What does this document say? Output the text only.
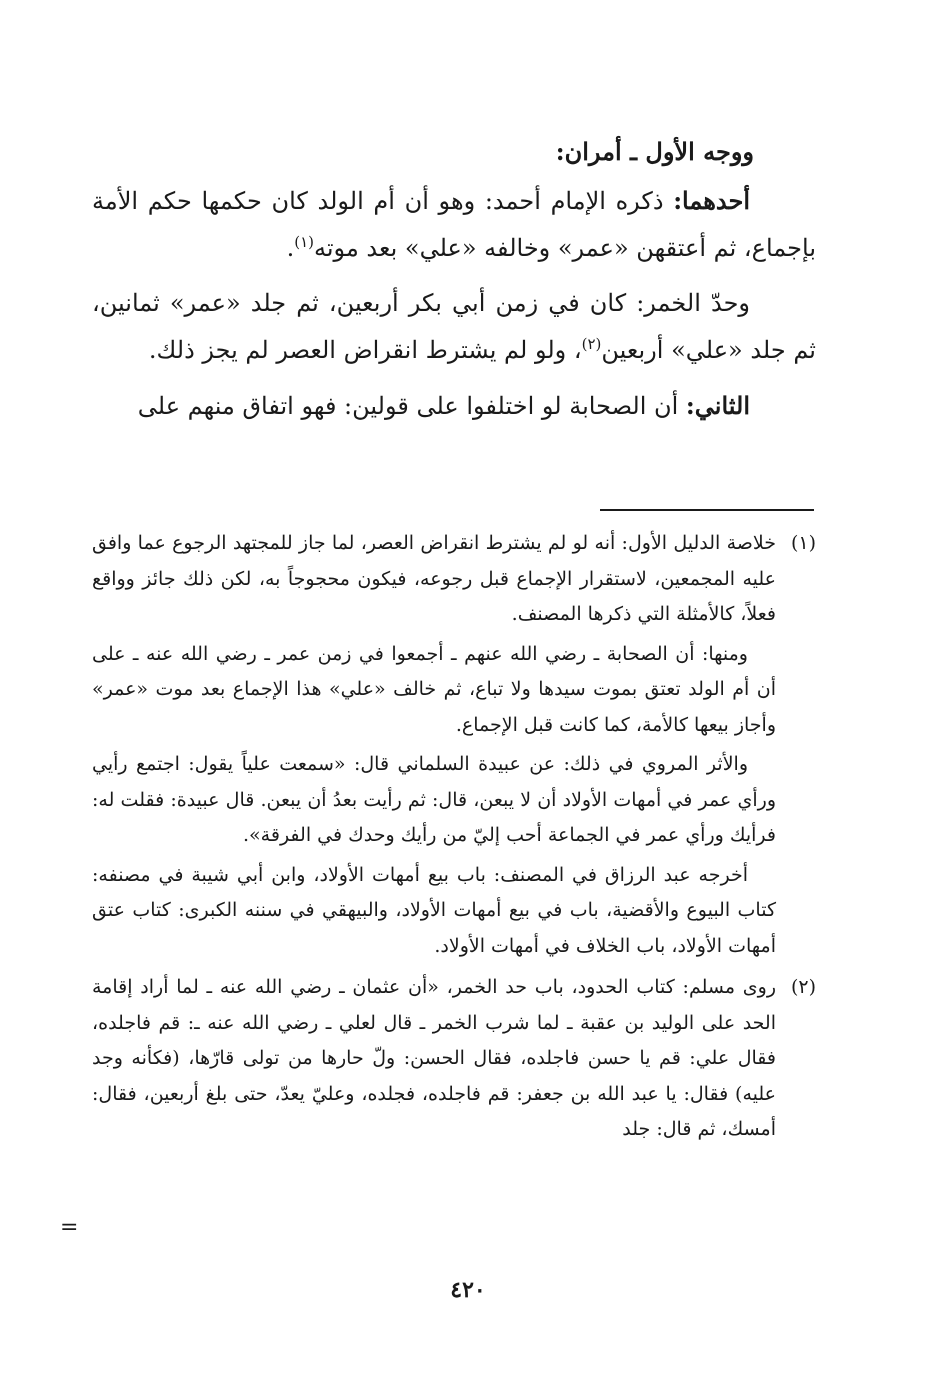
ووجه الأول ـ أمران:

أحدهما: ذكره الإمام أحمد: وهو أن أم الولد كان حكمها حكم الأمة بإجماع، ثم أعتقهن «عمر» وخالفه «علي» بعد موته$^{(١)}$.

وحدّ الخمر: كان في زمن أبي بكر أربعين، ثم جلد «عمر» ثمانين، ثم جلد «علي» أربعين$^{(٢)}$، ولو لم يشترط انقراض العصر لم يجز ذلك.

الثاني: أن الصحابة لو اختلفوا على قولين: فهو اتفاق منهم على

(١)

خلاصة الدليل الأول: أنه لو لم يشترط انقراض العصر، لما جاز للمجتهد الرجوع عما وافق عليه المجمعين، لاستقرار الإجماع قبل رجوعه، فيكون محجوجاً به، لكن ذلك جائز وواقع فعلاً، كالأمثلة التي ذكرها المصنف.

ومنها: أن الصحابة ـ رضي الله عنهم ـ أجمعوا في زمن عمر ـ رضي الله عنه ـ على أن أم الولد تعتق بموت سيدها ولا تباع، ثم خالف «علي» هذا الإجماع بعد موت «عمر» وأجاز بيعها كالأمة، كما كانت قبل الإجماع.

والأثر المروي في ذلك: عن عبيدة السلماني قال: «سمعت علياً يقول: اجتمع رأيي ورأي عمر في أمهات الأولاد أن لا يبعن، قال: ثم رأيت بعدُ أن يبعن. قال عبيدة: فقلت له: فرأيك ورأي عمر في الجماعة أحب إليّ من رأيك وحدك في الفرقة».

أخرجه عبد الرزاق في المصنف: باب بيع أمهات الأولاد، وابن أبي شيبة في مصنفه: كتاب البيوع والأقضية، باب في بيع أمهات الأولاد، والبيهقي في سننه الكبرى: كتاب عتق أمهات الأولاد، باب الخلاف في أمهات الأولاد.

(٢)

روى مسلم: كتاب الحدود، باب حد الخمر، «أن عثمان ـ رضي الله عنه ـ لما أراد إقامة الحد على الوليد بن عقبة ـ لما شرب الخمر ـ قال لعلي ـ رضي الله عنه ـ: قم فاجلده، فقال علي: قم يا حسن فاجلده، فقال الحسن: ولّ حارها من تولى قارّها، (فكأنه وجد عليه) فقال: يا عبد الله بن جعفر: قم فاجلده، فجلده، وعليّ يعدّ، حتى بلغ أربعين، فقال: أمسك، ثم قال: جلد

=
٤٢٠
